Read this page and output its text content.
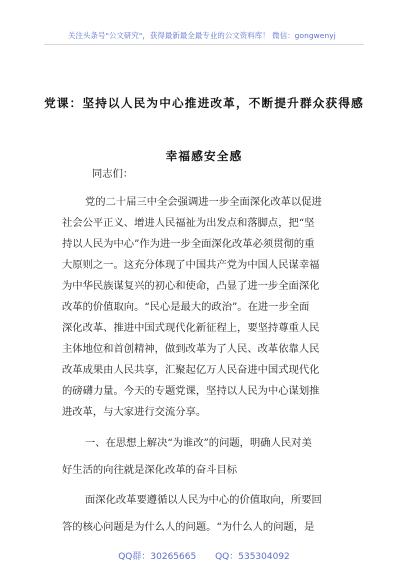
关注头条号"公文研究"，获得最新最全最专业的公文资料库！ 微信：gongwenyj
党课：坚持以人民为中心推进改革，不断提升群众获得感
幸福感安全感
同志们：
党的二十届三中全会强调进一步全面深化改革以促进
社会公平正义、增进人民福祉为出发点和落脚点，把“坚
持以人民为中心”作为进一步全面深化改革必须贯彻的重
大原则之一。这充分体现了中国共产党为中国人民谋幸福
为中华民族谋复兴的初心和使命，凸显了进一步全面深化
改革的价值取向。“民心是最大的政治”。在进一步全面
深化改革、推进中国式现代化新征程上，要坚持尊重人民
主体地位和首创精神，做到改革为了人民、改革依靠人民
改革成果由人民共享，汇聚起亿万人民奋进中国式现代化
的磅礴力量。今天的专题党课，坚持以人民为中心谋划推
进改革，与大家进行交流分享。
一、在思想上解决“为谁改”的问题，明确人民对美
好生活的向往就是深化改革的奋斗目标
面深化改革要遵循以人民为中心的价值取向，所要回
答的核心问题是为什么人的问题。“为什么人的问题，是
QQ群：30265665 QQ：535304092
